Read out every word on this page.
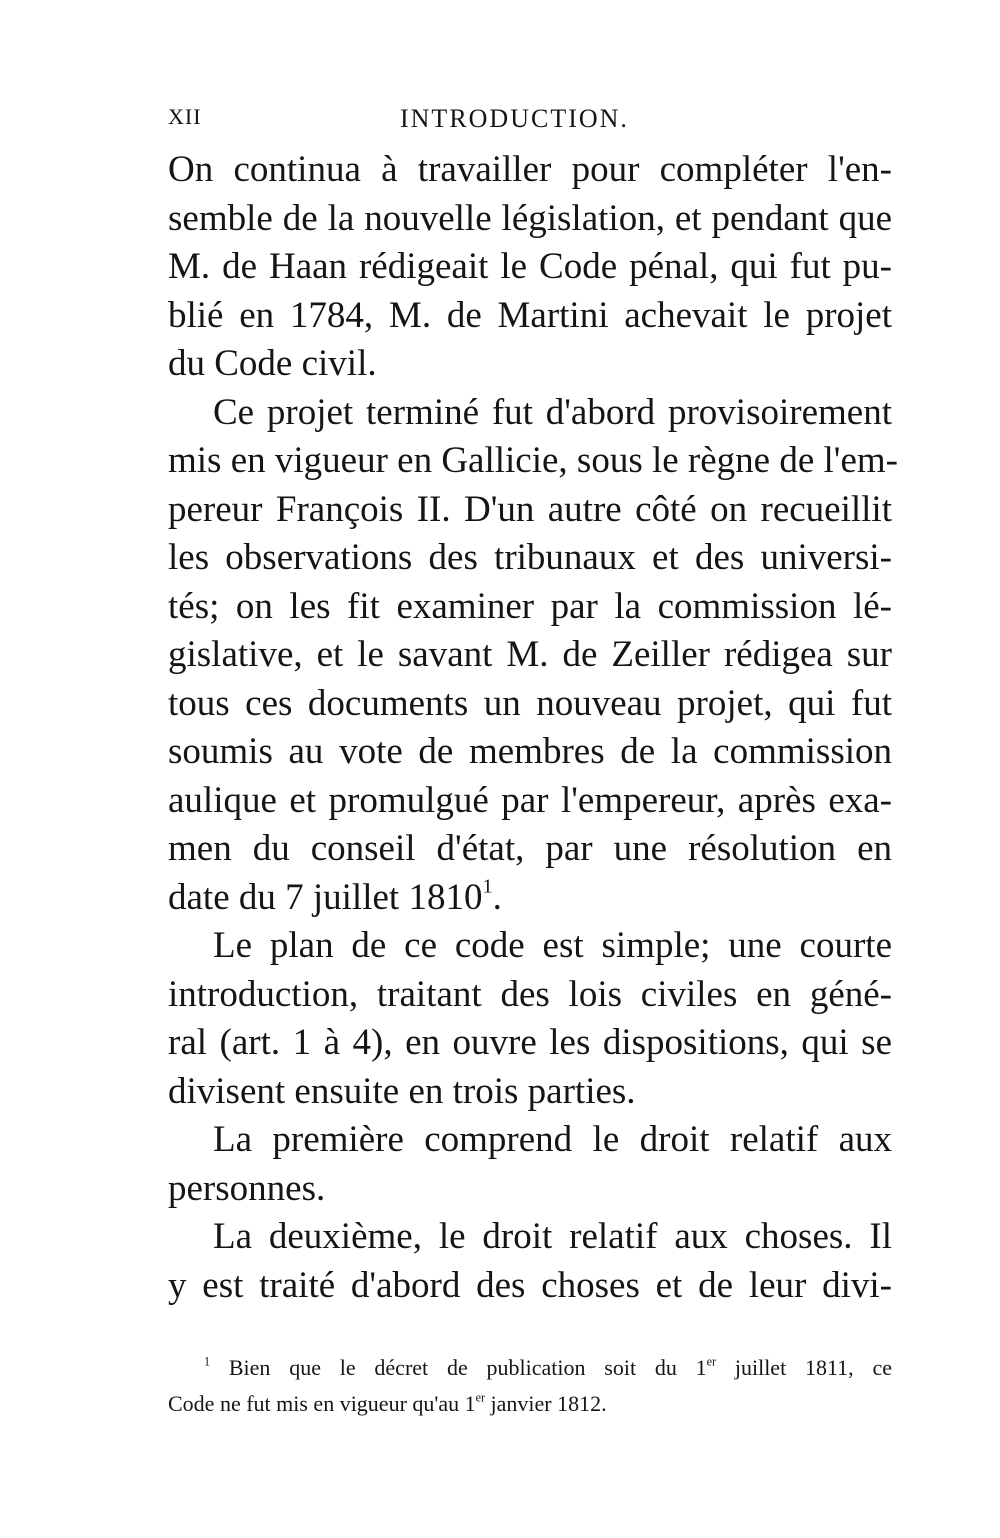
XII	INTRODUCTION.
On continua à travailler pour compléter l'en-
semble de la nouvelle législation, et pendant que
M. de Haan rédigeait le Code pénal, qui fut pu-
blié en 1784, M. de Martini achevait le projet
du Code civil.
Ce projet terminé fut d'abord provisoirement
mis en vigueur en Gallicie, sous le règne de l'em-
pereur François II. D'un autre côté on recueillit
les observations des tribunaux et des universi-
tés; on les fit examiner par la commission lé-
gislative, et le savant M. de Zeiller rédigea sur
tous ces documents un nouveau projet, qui fut
soumis au vote de membres de la commission
aulique et promulgué par l'empereur, après exa-
men du conseil d'état, par une résolution en
date du 7 juillet 1810$^1$.
Le plan de ce code est simple; une courte
introduction, traitant des lois civiles en géné-
ral (art. 1 à 4), en ouvre les dispositions, qui se
divisent ensuite en trois parties.
La première comprend le droit relatif aux
personnes.
La deuxième, le droit relatif aux choses. Il
y est traité d'abord des choses et de leur divi-
$^1$ Bien que le décret de publication soit du 1er juillet 1811, ce
Code ne fut mis en vigueur qu'au 1er janvier 1812.
